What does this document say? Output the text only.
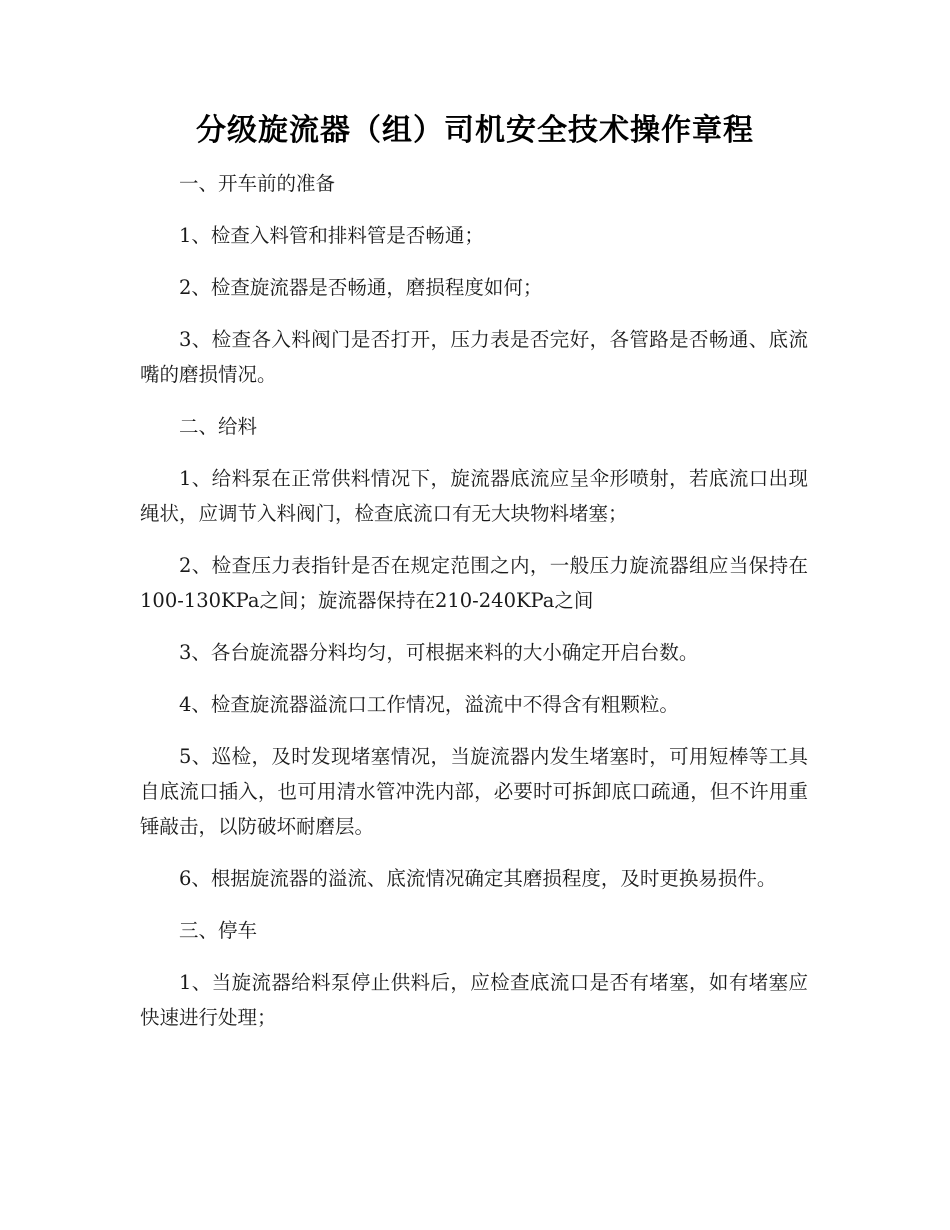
分级旋流器（组）司机安全技术操作章程

一、开车前的准备

1、检查入料管和排料管是否畅通；

2、检查旋流器是否畅通，磨损程度如何；

3、检查各入料阀门是否打开，压力表是否完好，各管路是否畅通、底流嘴的磨损情况。

二、给料

1、给料泵在正常供料情况下，旋流器底流应呈伞形喷射，若底流口出现绳状，应调节入料阀门，检查底流口有无大块物料堵塞；

2、检查压力表指针是否在规定范围之内，一般压力旋流器组应当保持在100-130KPa之间；旋流器保持在210-240KPa之间

3、各台旋流器分料均匀，可根据来料的大小确定开启台数。

4、检查旋流器溢流口工作情况，溢流中不得含有粗颗粒。

5、巡检，及时发现堵塞情况，当旋流器内发生堵塞时，可用短棒等工具自底流口插入，也可用清水管冲洗内部，必要时可拆卸底口疏通，但不许用重锤敲击，以防破坏耐磨层。

6、根据旋流器的溢流、底流情况确定其磨损程度，及时更换易损件。

三、停车

1、当旋流器给料泵停止供料后，应检查底流口是否有堵塞，如有堵塞应快速进行处理；
